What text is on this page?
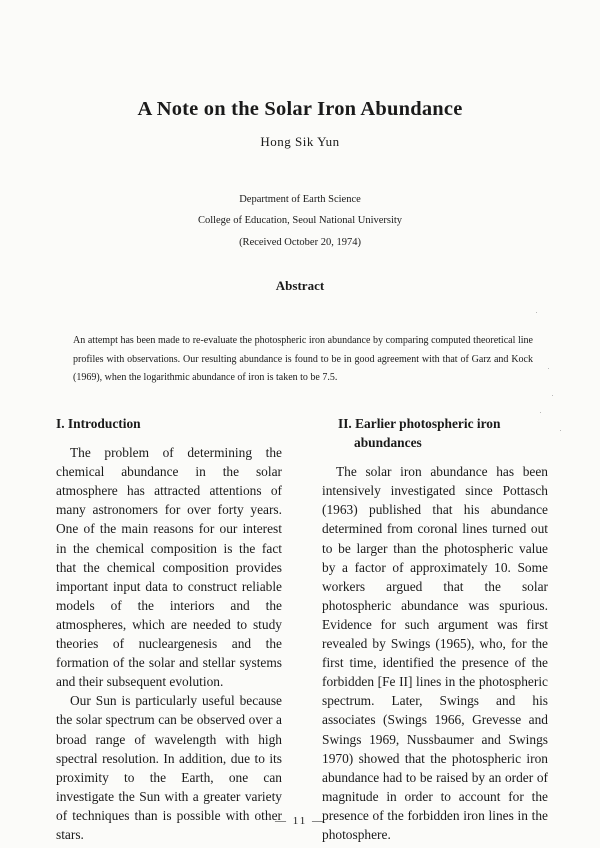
A Note on the Solar Iron Abundance
Hong Sik Yun
Department of Earth Science
College of Education, Seoul National University
(Received October 20, 1974)
Abstract

An attempt has been made to re-evaluate the photospheric iron abundance by comparing computed theoretical line profiles with observations. Our resulting abundance is found to be in good agreement with that of Garz and Kock (1969), when the logarithmic abundance of iron is taken to be 7.5.

I. Introduction

The problem of determining the chemical abundance in the solar atmosphere has attracted attentions of many astronomers for over forty years. One of the main reasons for our interest in the chemical composition is the fact that the chemical composition provides important input data to construct reliable models of the interiors and the atmospheres, which are needed to study theories of nucleargenesis and the formation of the solar and stellar systems and their subsequent evolution.

Our Sun is particularly useful because the solar spectrum can be observed over a broad range of wavelength with high spectral resolution. In addition, due to its proximity to the Earth, one can investigate the Sun with a greater variety of techniques than is possible with other stars.

II. Earlier photospheric iron abundances

The solar iron abundance has been intensively investigated since Pottasch (1963) published that his abundance determined from coronal lines turned out to be larger than the photospheric value by a factor of approximately 10. Some workers argued that the solar photospheric abundance was spurious. Evidence for such argument was first revealed by Swings (1965), who, for the first time, identified the presence of the forbidden [Fe II] lines in the photospheric spectrum. Later, Swings and his associates (Swings 1966, Grevesse and Swings 1969, Nussbaumer and Swings 1970) showed that the photospheric iron abundance had to be raised by an order of magnitude in order to account for the presence of the forbidden iron lines in the photosphere.

— 11 —
